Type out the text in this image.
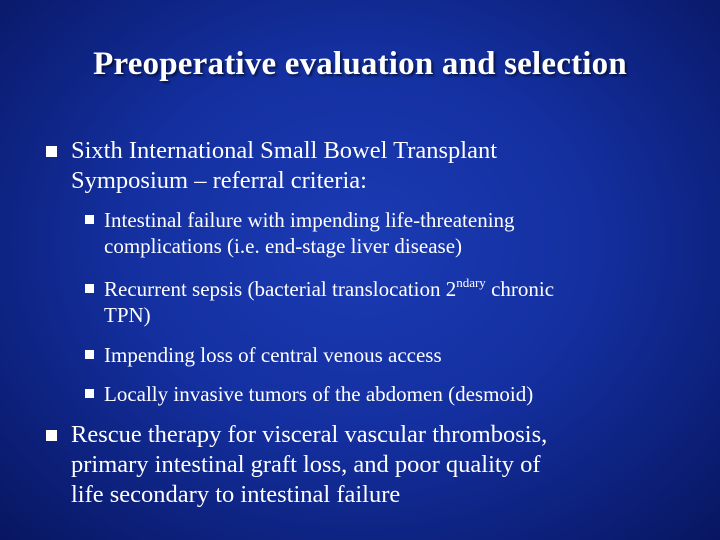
Preoperative evaluation and selection
Sixth International Small Bowel Transplant
Symposium – referral criteria:
Intestinal failure with impending life-threatening
complications (i.e. end-stage liver disease)
Recurrent sepsis (bacterial translocation $2^{ndary}$ chronic
TPN)
Impending loss of central venous access
Locally invasive tumors of the abdomen (desmoid)
Rescue therapy for visceral vascular thrombosis,
primary intestinal graft loss, and poor quality of
life secondary to intestinal failure
